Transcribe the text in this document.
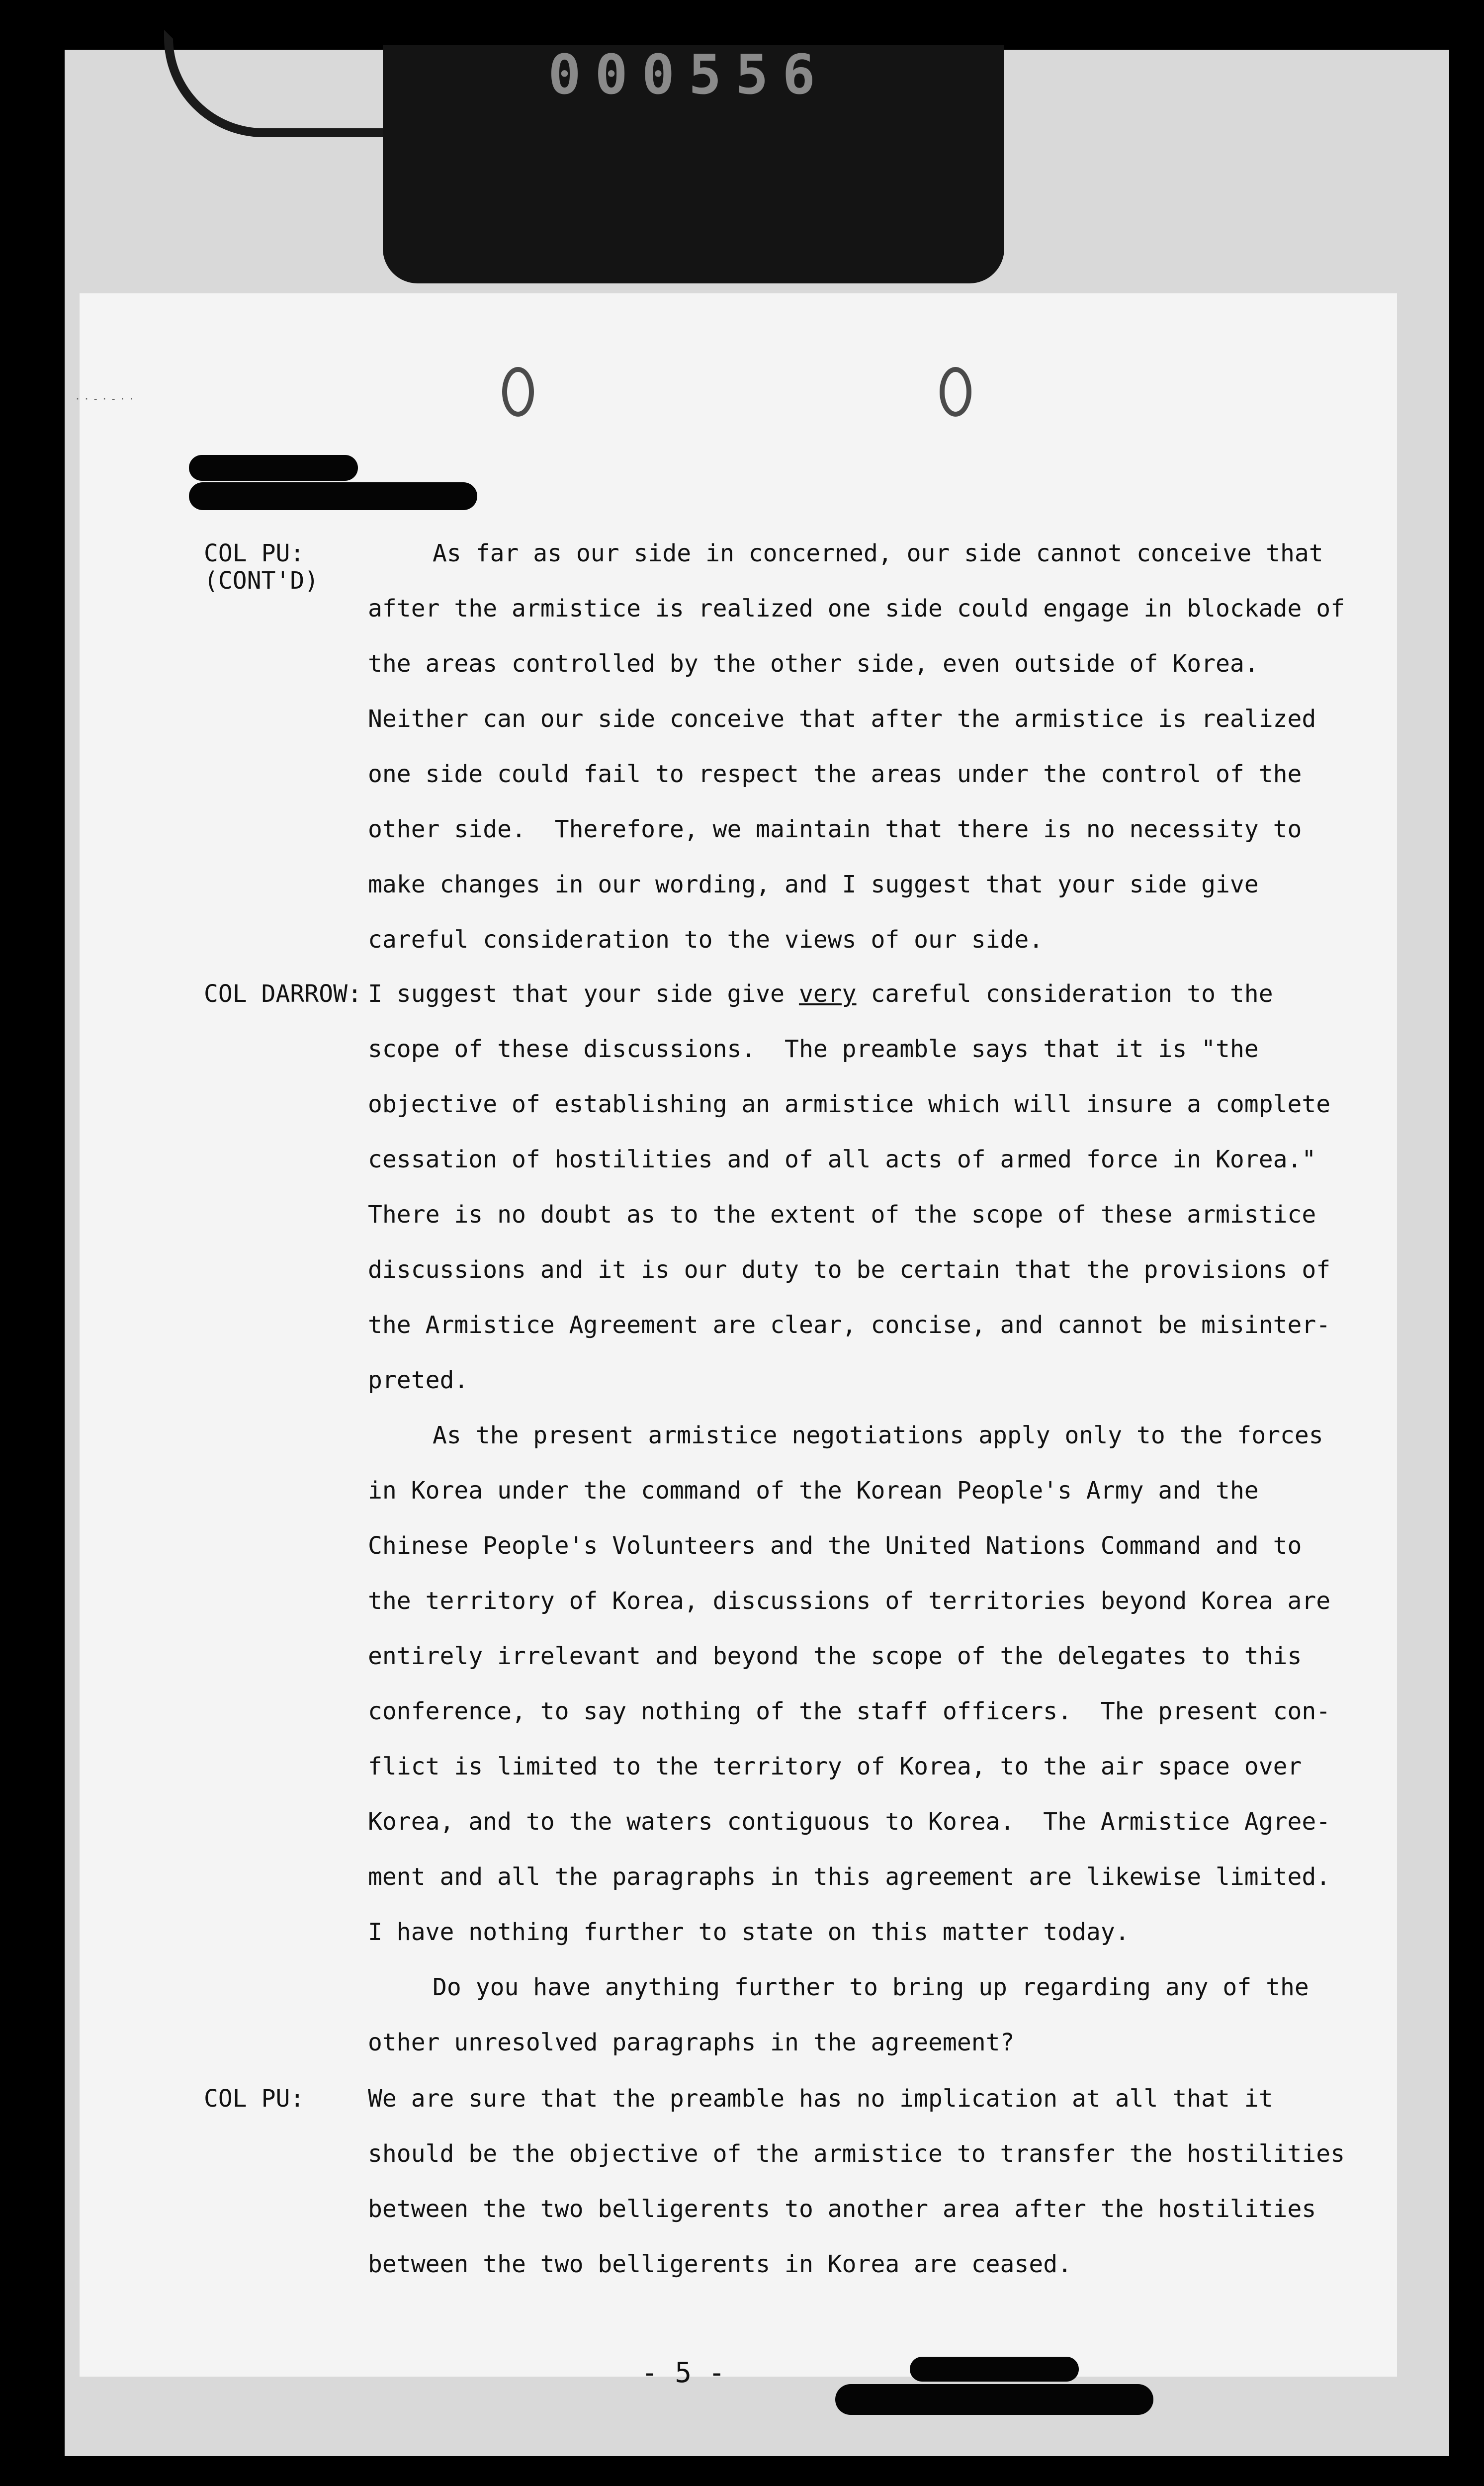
000556
··-·-··
COL PU:
(CONT'D)
COL DARROW:
COL PU:
As far as our side in concerned, our side cannot conceive that
after the armistice is realized one side could engage in blockade of
the areas controlled by the other side, even outside of Korea.
Neither can our side conceive that after the armistice is realized
one side could fail to respect the areas under the control of the
other side.  Therefore, we maintain that there is no necessity to
make changes in our wording, and I suggest that your side give
careful consideration to the views of our side.
I suggest that your side give very careful consideration to the
scope of these discussions.  The preamble says that it is "the
objective of establishing an armistice which will insure a complete
cessation of hostilities and of all acts of armed force in Korea."
There is no doubt as to the extent of the scope of these armistice
discussions and it is our duty to be certain that the provisions of
the Armistice Agreement are clear, concise, and cannot be misinter-
preted.
As the present armistice negotiations apply only to the forces
in Korea under the command of the Korean People's Army and the
Chinese People's Volunteers and the United Nations Command and to
the territory of Korea, discussions of territories beyond Korea are
entirely irrelevant and beyond the scope of the delegates to this
conference, to say nothing of the staff officers.  The present con-
flict is limited to the territory of Korea, to the air space over
Korea, and to the waters contiguous to Korea.  The Armistice Agree-
ment and all the paragraphs in this agreement are likewise limited.
I have nothing further to state on this matter today.
Do you have anything further to bring up regarding any of the
other unresolved paragraphs in the agreement?
We are sure that the preamble has no implication at all that it
should be the objective of the armistice to transfer the hostilities
between the two belligerents to another area after the hostilities
between the two belligerents in Korea are ceased.
- 5 -
